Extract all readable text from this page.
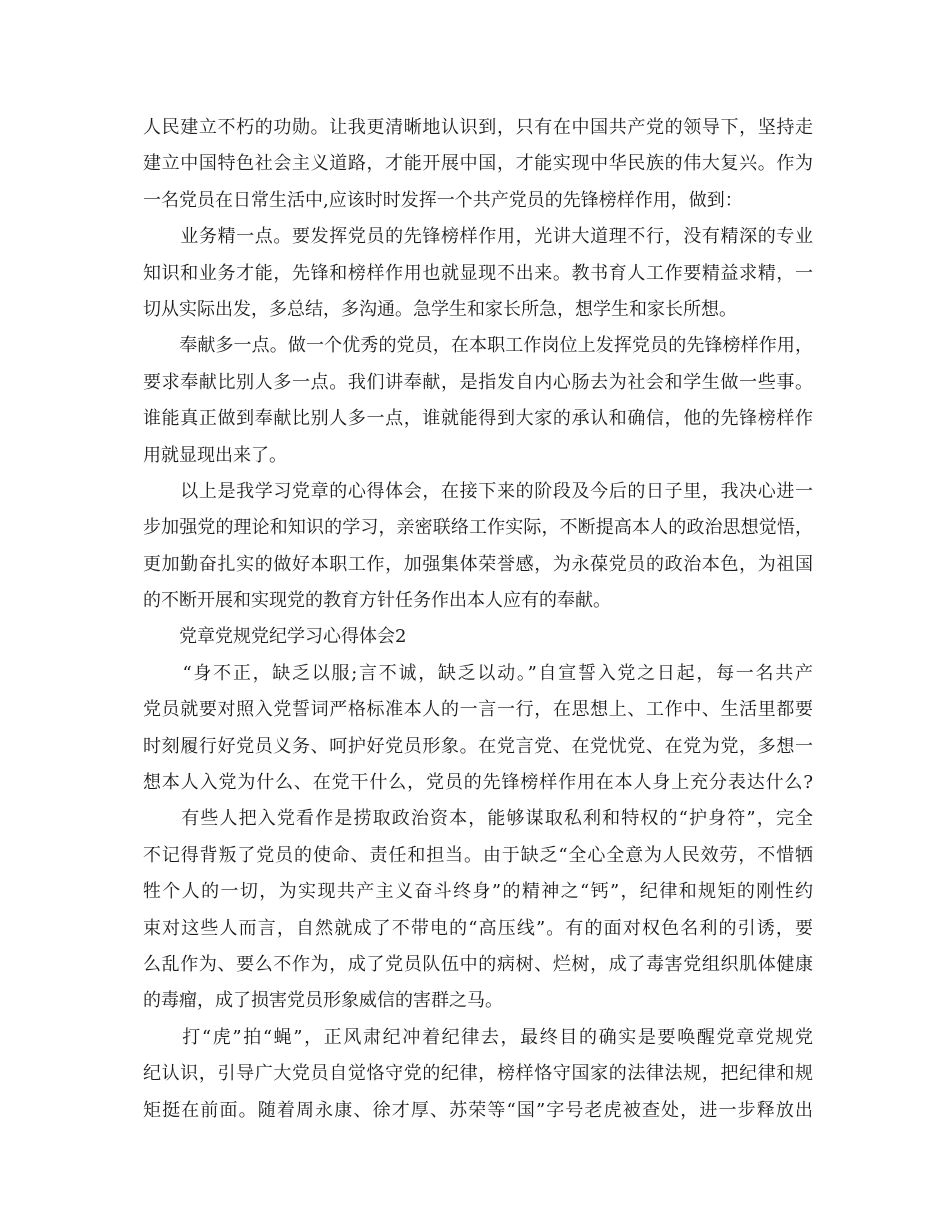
人民建立不朽的功勋。让我更清晰地认识到，只有在中国共产党的领导下，坚持走
建立中国特色社会主义道路，才能开展中国，才能实现中华民族的伟大复兴。作为
一名党员在日常生活中,应该时时发挥一个共产党员的先锋榜样作用，做到：
　　业务精一点。要发挥党员的先锋榜样作用，光讲大道理不行，没有精深的专业
知识和业务才能，先锋和榜样作用也就显现不出来。教书育人工作要精益求精，一
切从实际出发，多总结，多沟通。急学生和家长所急，想学生和家长所想。
　　奉献多一点。做一个优秀的党员，在本职工作岗位上发挥党员的先锋榜样作用，
要求奉献比别人多一点。我们讲奉献，是指发自内心肠去为社会和学生做一些事。
谁能真正做到奉献比别人多一点，谁就能得到大家的承认和确信，他的先锋榜样作
用就显现出来了。
　　以上是我学习党章的心得体会，在接下来的阶段及今后的日子里，我决心进一
步加强党的理论和知识的学习，亲密联络工作实际，不断提高本人的政治思想觉悟，
更加勤奋扎实的做好本职工作，加强集体荣誉感，为永葆党员的政治本色，为祖国
的不断开展和实现党的教育方针任务作出本人应有的奉献。
　　党章党规党纪学习心得体会2
　　“身不正，缺乏以服;言不诚，缺乏以动。”自宣誓入党之日起，每一名共产
党员就要对照入党誓词严格标准本人的一言一行，在思想上、工作中、生活里都要
时刻履行好党员义务、呵护好党员形象。在党言党、在党忧党、在党为党，多想一
想本人入党为什么、在党干什么，党员的先锋榜样作用在本人身上充分表达什么?
　　有些人把入党看作是捞取政治资本，能够谋取私利和特权的“护身符”，完全
不记得背叛了党员的使命、责任和担当。由于缺乏“全心全意为人民效劳，不惜牺
牲个人的一切，为实现共产主义奋斗终身”的精神之“钙”，纪律和规矩的刚性约
束对这些人而言，自然就成了不带电的“高压线”。有的面对权色名利的引诱，要
么乱作为、要么不作为，成了党员队伍中的病树、烂树，成了毒害党组织肌体健康
的毒瘤，成了损害党员形象威信的害群之马。
　　打“虎”拍“蝇”，正风肃纪冲着纪律去，最终目的确实是要唤醒党章党规党
纪认识，引导广大党员自觉恪守党的纪律，榜样恪守国家的法律法规，把纪律和规
矩挺在前面。随着周永康、徐才厚、苏荣等“国”字号老虎被查处，进一步释放出
